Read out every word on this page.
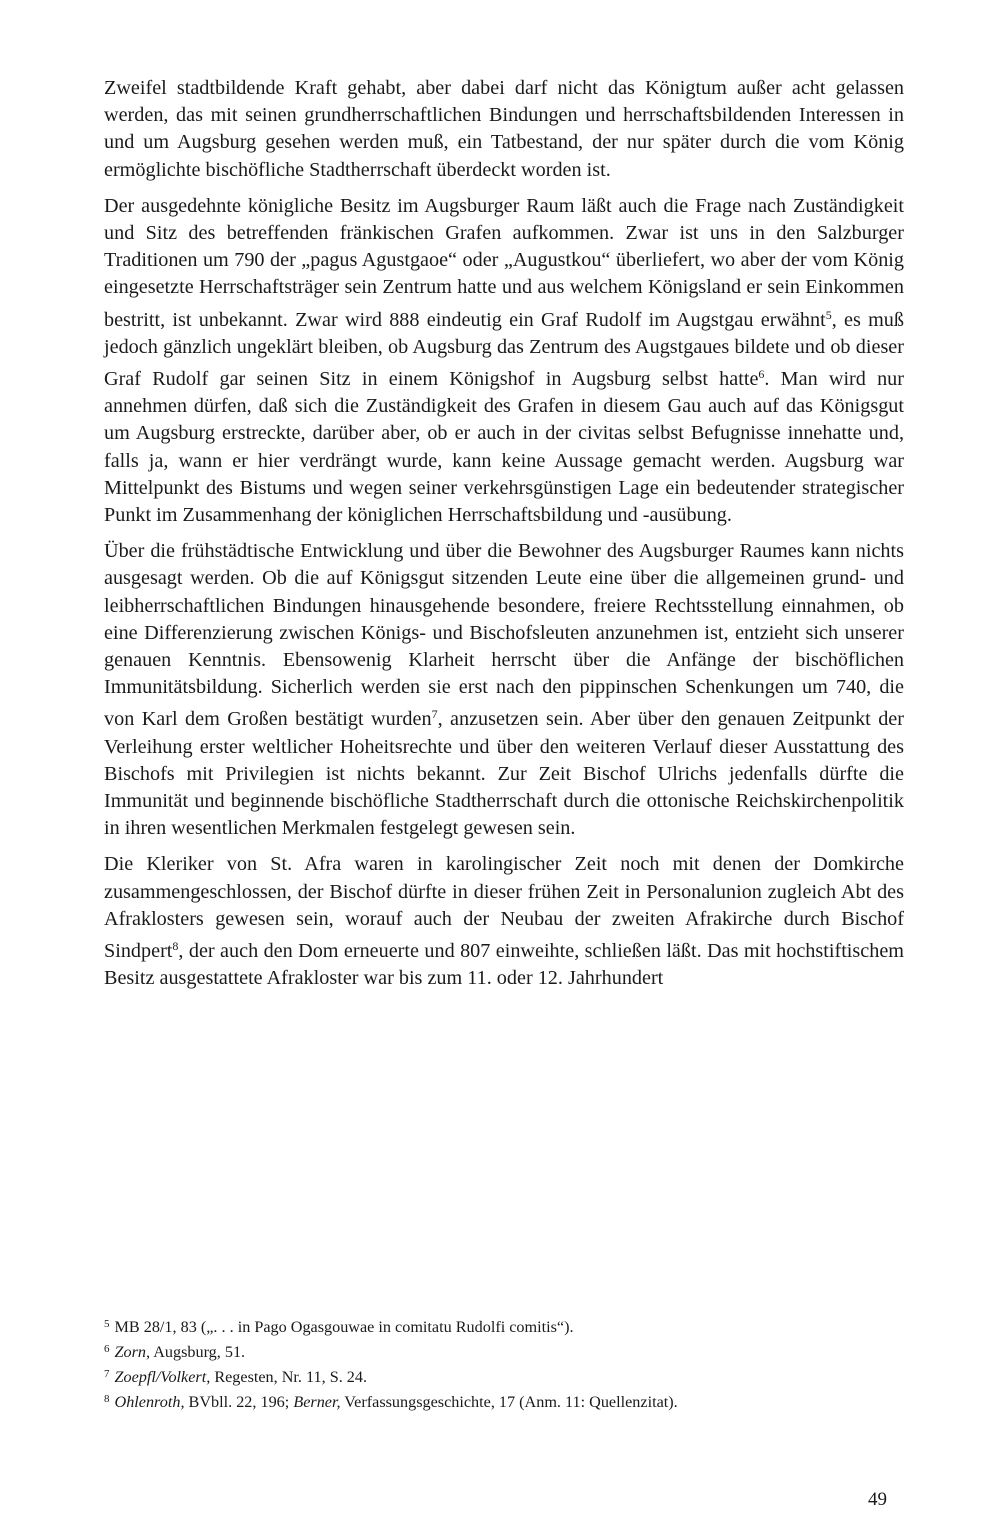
Zweifel stadtbildende Kraft gehabt, aber dabei darf nicht das Königtum außer acht gelassen werden, das mit seinen grundherrschaftlichen Bindungen und herrschaftsbildenden Interessen in und um Augsburg gesehen werden muß, ein Tatbestand, der nur später durch die vom König ermöglichte bischöfliche Stadtherrschaft überdeckt worden ist.

Der ausgedehnte königliche Besitz im Augsburger Raum läßt auch die Frage nach Zuständigkeit und Sitz des betreffenden fränkischen Grafen aufkommen. Zwar ist uns in den Salzburger Traditionen um 790 der „pagus Agustgaoe“ oder „Augustkou“ überliefert, wo aber der vom König eingesetzte Herrschaftsträger sein Zentrum hatte und aus welchem Königsland er sein Einkommen bestritt, ist unbekannt. Zwar wird 888 eindeutig ein Graf Rudolf im Augstgau erwähnt$^5$, es muß jedoch gänzlich ungeklärt bleiben, ob Augsburg das Zentrum des Augstgaues bildete und ob dieser Graf Rudolf gar seinen Sitz in einem Königshof in Augsburg selbst hatte$^6$. Man wird nur annehmen dürfen, daß sich die Zuständigkeit des Grafen in diesem Gau auch auf das Königsgut um Augsburg erstreckte, darüber aber, ob er auch in der civitas selbst Befugnisse innehatte und, falls ja, wann er hier verdrängt wurde, kann keine Aussage gemacht werden. Augsburg war Mittelpunkt des Bistums und wegen seiner verkehrsgünstigen Lage ein bedeutender strategischer Punkt im Zusammenhang der königlichen Herrschaftsbildung und -ausübung.

Über die frühstädtische Entwicklung und über die Bewohner des Augsburger Raumes kann nichts ausgesagt werden. Ob die auf Königsgut sitzenden Leute eine über die allgemeinen grund- und leibherrschaftlichen Bindungen hinausgehende besondere, freiere Rechtsstellung einnahmen, ob eine Differenzierung zwischen Königs- und Bischofsleuten anzunehmen ist, entzieht sich unserer genauen Kenntnis. Ebensowenig Klarheit herrscht über die Anfänge der bischöflichen Immunitätsbildung. Sicherlich werden sie erst nach den pippinschen Schenkungen um 740, die von Karl dem Großen bestätigt wurden$^7$, anzusetzen sein. Aber über den genauen Zeitpunkt der Verleihung erster weltlicher Hoheitsrechte und über den weiteren Verlauf dieser Ausstattung des Bischofs mit Privilegien ist nichts bekannt. Zur Zeit Bischof Ulrichs jedenfalls dürfte die Immunität und beginnende bischöfliche Stadtherrschaft durch die ottonische Reichskirchenpolitik in ihren wesentlichen Merkmalen festgelegt gewesen sein.

Die Kleriker von St. Afra waren in karolingischer Zeit noch mit denen der Domkirche zusammengeschlossen, der Bischof dürfte in dieser frühen Zeit in Personalunion zugleich Abt des Afraklosters gewesen sein, worauf auch der Neubau der zweiten Afrakirche durch Bischof Sindpert$^8$, der auch den Dom erneuerte und 807 einweihte, schließen läßt. Das mit hochstiftischem Besitz ausgestattete Afrakloster war bis zum 11. oder 12. Jahrhundert

$^5$ MB 28/1, 83 („. . . in Pago Ogasgouwae in comitatu Rudolfi comitis“).

$^6$ Zorn, Augsburg, 51.

$^7$ Zoepfl/Volkert, Regesten, Nr. 11, S. 24.

$^8$ Ohlenroth, BVbll. 22, 196; Berner, Verfassungsgeschichte, 17 (Anm. 11: Quellenzitat).

49
